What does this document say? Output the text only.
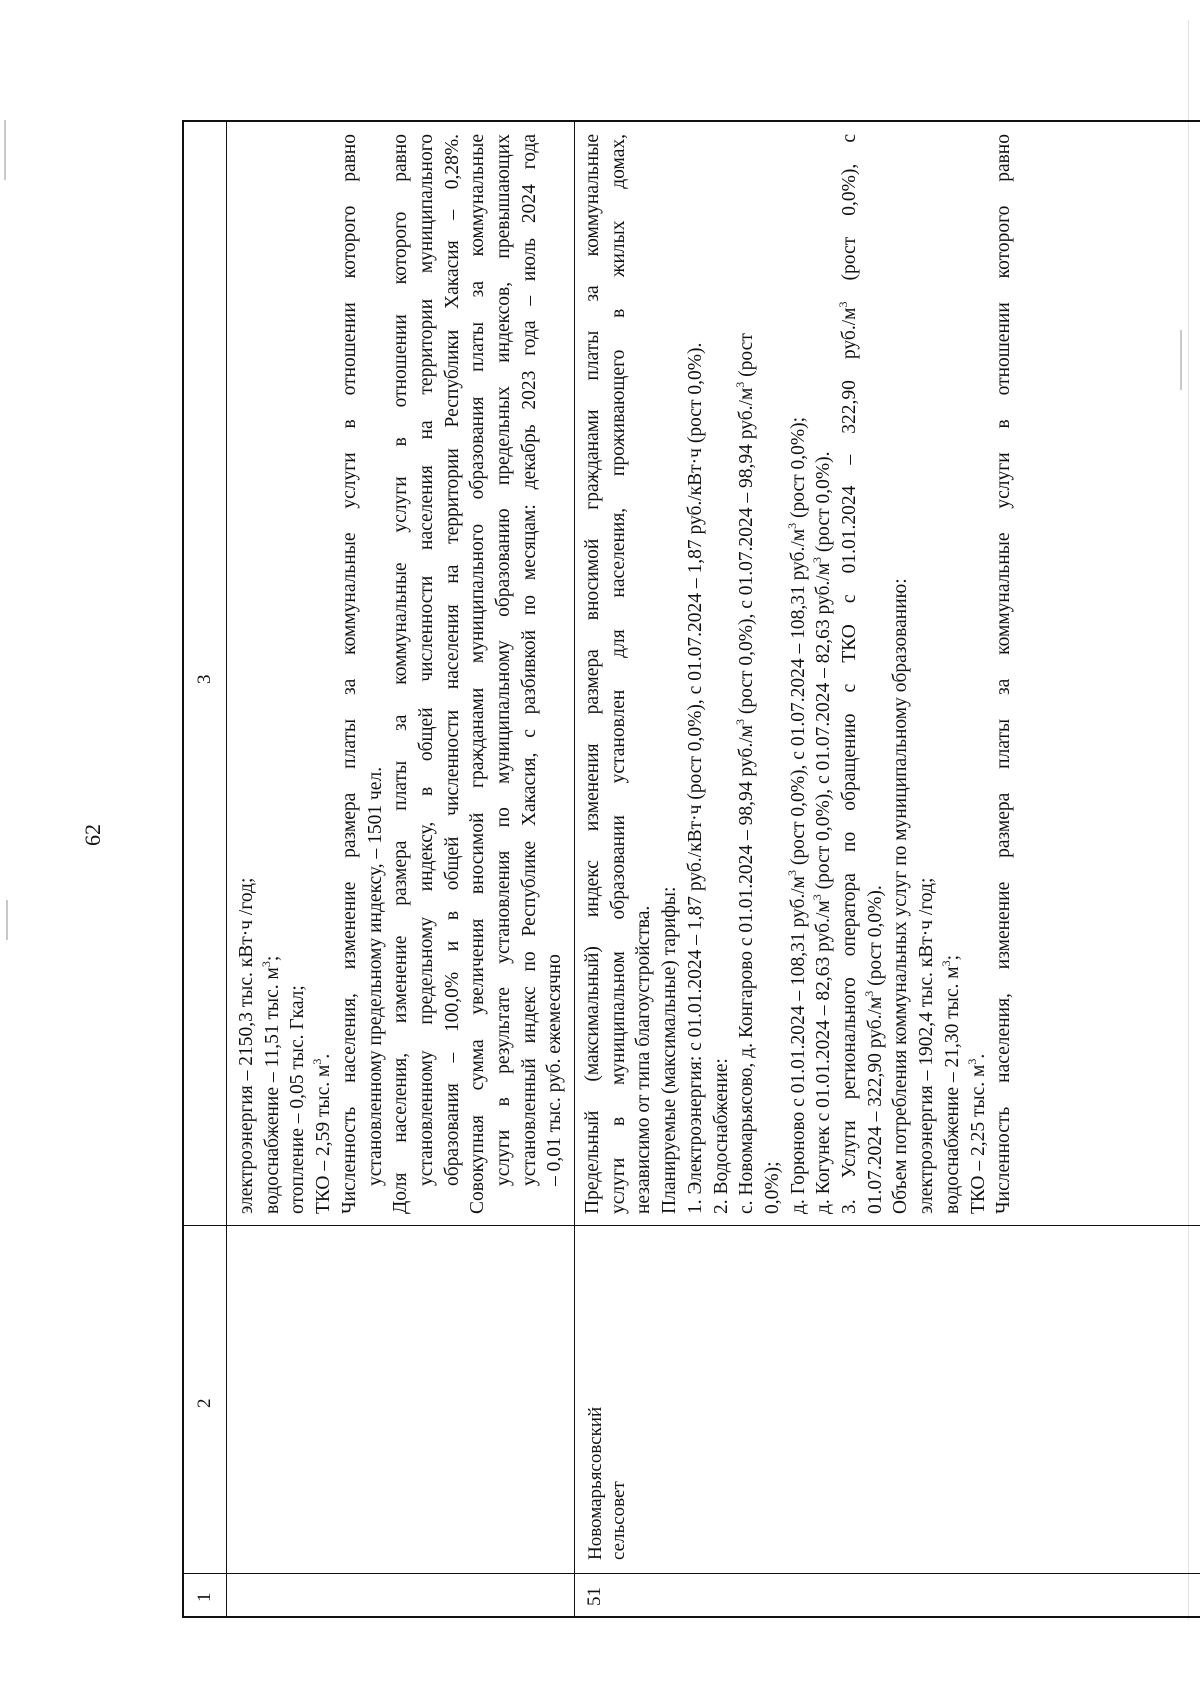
62
1
2
3
электроэнергия – 2150,3 тыс. кВт·ч /год; водоснабжение – 11,51 тыс. $м^3$;
отопление – 0,05 тыс. Гкал; ТКО – 2,59 тыс. $м^3$. Численность населения, изменение размера платы за коммунальные услуги в отношении которого равно установленному предельному индексу, – 1501 чел. Доля населения, изменение размера платы за коммунальные услуги в отношении которого равно установленному предельному индексу, в общей численности населения на территории муниципального образования – 100,0% и в общей численности населения на территории Республики Хакасия – 0,28%. Совокупная сумма увеличения вносимой гражданами муниципального образования платы за коммунальные услуги в результате установления по муниципальному образованию предельных индексов, превышающих установленный индекс по Республике Хакасия, с разбивкой по месяцам: декабрь 2023 года – июль 2024 года – 0,01 тыс. руб. ежемесячно
51
Новомарьясовский сельсовет
Предельный (максимальный) индекс изменения размера вносимой гражданами платы за коммунальные услуги в муниципальном образовании установлен для населения, проживающего в жилых домах, независимо от типа благоустройства. Планируемые (максимальные) тарифы: 1. Электроэнергия: с 01.01.2024 – 1,87 руб./кВт·ч (рост 0,0%), с 01.07.2024 – 1,87 руб./кВт·ч (рост 0,0%). 2. Водоснабжение: с. Новомарьясово, д. Конгарово с 01.01.2024 – 98,94 $руб./м^3$ (рост 0,0%), с 01.07.2024 – 98,94 $руб./м^3$ (рост
0,0%); д. Горюново с 01.01.2024 – 108,31 $руб./м^3$ (рост 0,0%), с 01.07.2024 – 108,31 $руб./м^3$ (рост 0,0%);
д. Когунек с 01.01.2024 – 82,63 $руб./м^3$ (рост 0,0%), с 01.07.2024 – 82,63 $руб./м^3$ (рост 0,0%). 3. Услуги регионального оператора по обращению с ТКО с 01.01.2024 – 322,90 $руб./м^3$ (рост 0,0%), с
01.07.2024 – 322,90 $руб./м^3$ (рост 0,0%). Объем потребления коммунальных услуг по муниципальному образованию: электроэнергия – 1902,4 тыс. кВт·ч /год; водоснабжение – 21,30 тыс. $м^3$;
ТКО – 2,25 тыс. $м^3$. Численность населения, изменение размера платы за коммунальные услуги в отношении которого равно
